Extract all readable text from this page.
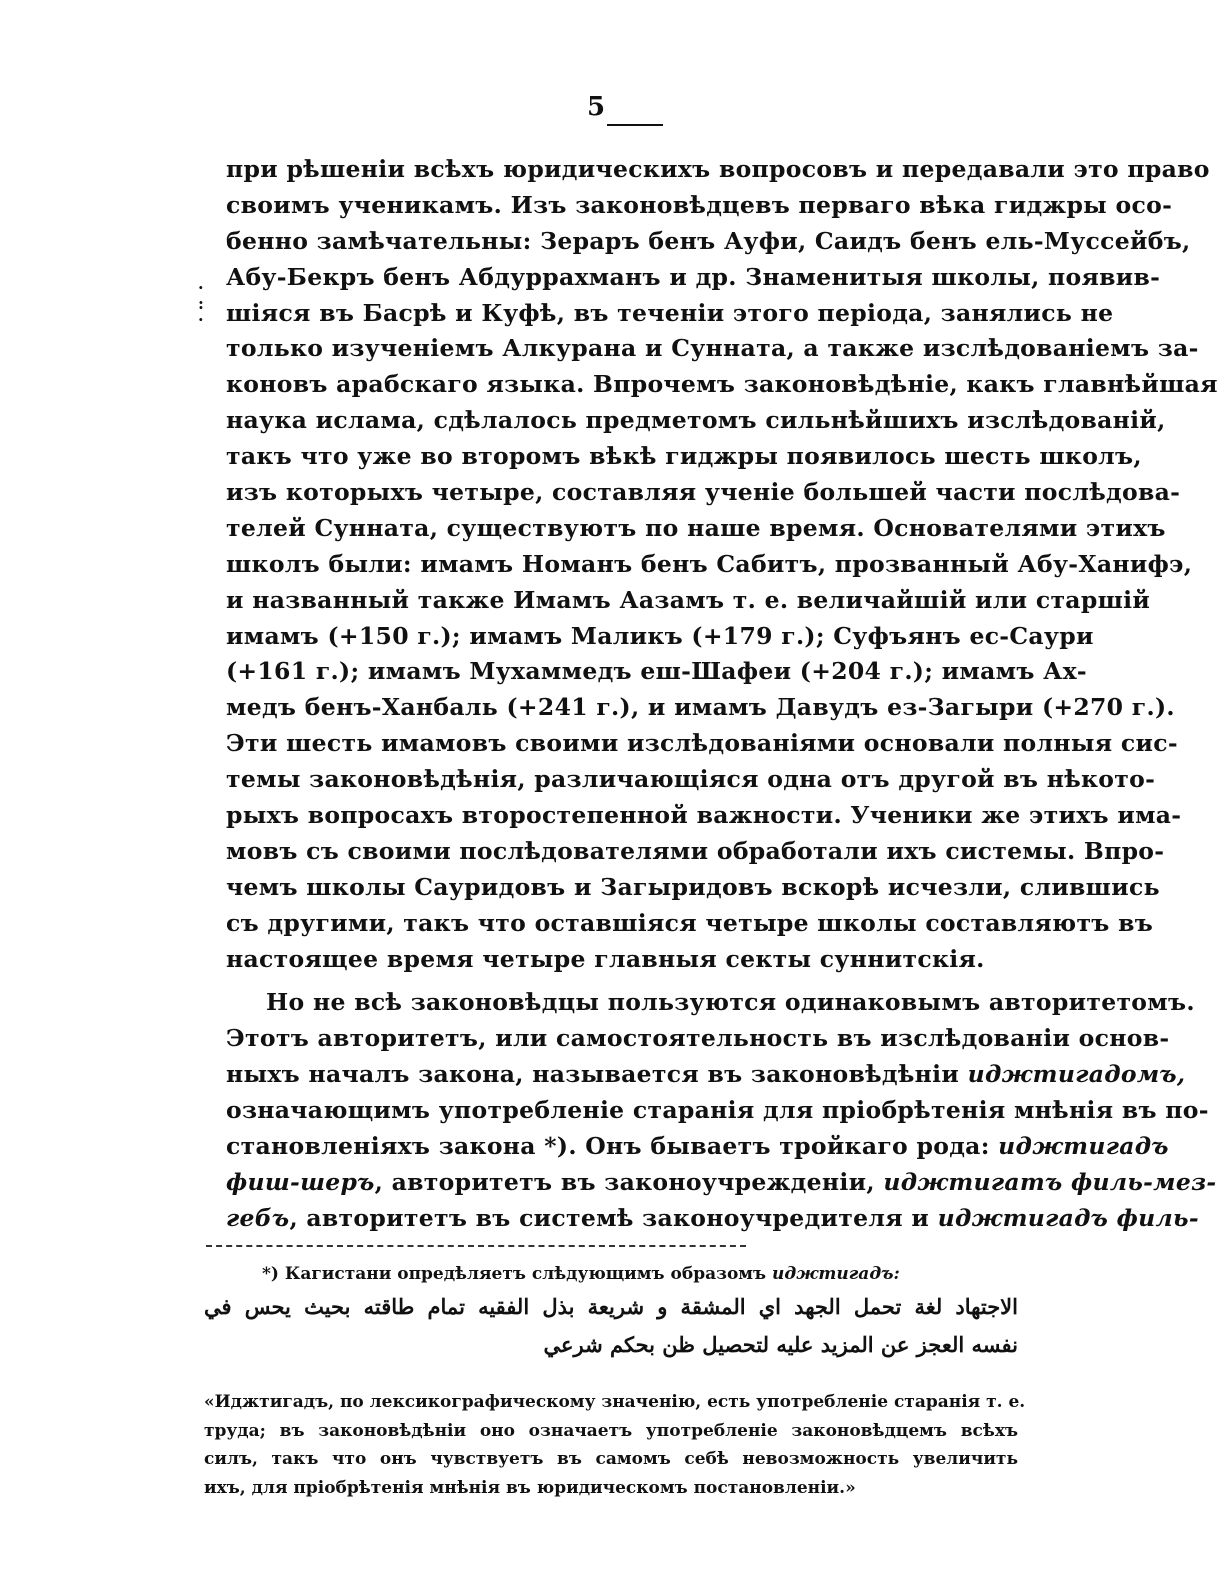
5
·
:
·
при рѣшеніи всѣхъ юридическихъ вопросовъ и передавали это право
своимъ ученикамъ. Изъ законовѣдцевъ перваго вѣка гиджры осо-
бенно замѣчательны: Зераръ бенъ Ауфи, Саидъ бенъ ель-Муссейбъ,
Абу-Бекръ бенъ Абдуррахманъ и др. Знаменитыя школы, появив-
шіяся въ Басрѣ и Куфѣ, въ теченіи этого періода, занялись не
только изученіемъ Алкурана и Сунната, а также изслѣдованіемъ за-
коновъ арабскаго языка. Впрочемъ законовѣдѣніе, какъ главнѣйшая
наука ислама, сдѣлалось предметомъ сильнѣйшихъ изслѣдованій,
такъ что уже во второмъ вѣкѣ гиджры появилось шесть школъ,
изъ которыхъ четыре, составляя ученіе большей части послѣдова-
телей Сунната, существуютъ по наше время. Основателями этихъ
школъ были: имамъ Номанъ бенъ Сабитъ, прозванный Абу-Ханифэ,
и названный также Имамъ Аазамъ т. е. величайшій или старшій
имамъ (+150 г.); имамъ Маликъ (+179 г.); Суфъянъ ес-Саури
(+161 г.); имамъ Мухаммедъ еш-Шафеи (+204 г.); имамъ Ах-
медъ бенъ-Ханбаль (+241 г.), и имамъ Давудъ ез-Загыри (+270 г.).
Эти шесть имамовъ своими изслѣдованіями основали полныя сис-
темы законовѣдѣнія, различающіяся одна отъ другой въ нѣкото-
рыхъ вопросахъ второстепенной важности. Ученики же этихъ има-
мовъ съ своими послѣдователями обработали ихъ системы. Впро-
чемъ школы Сауридовъ и Загыридовъ вскорѣ исчезли, слившись
съ другими, такъ что оставшіяся четыре школы составляютъ въ
настоящее время четыре главныя секты суннитскія.
Но не всѣ законовѣдцы пользуются одинаковымъ авторитетомъ.
Этотъ авторитетъ, или самостоятельность въ изслѣдованіи основ-
ныхъ началъ закона, называется въ законовѣдѣніи иджтигадомъ,
означающимъ употребленіе старанія для пріобрѣтенія мнѣнія въ по-
становленіяхъ закона *). Онъ бываетъ тройкаго рода: иджтигадъ
фиш-шеръ, авторитетъ въ законоучрежденіи, иджтигатъ филь-мез-
гебъ, авторитетъ въ системѣ законоучредителя и иджтигадъ филь-
*) Кагистани опредѣляетъ слѣдующимъ образомъ иджтигадъ:
الاجتهاد لغة تحمل الجهد اي المشقة و شريعة بذل الفقيه تمام طاقته بحيث يحس في
نفسه العجز عن المزيد عليه لتحصيل ظن بحكم شرعي
«Иджтигадъ, по лексикографическому значенію, есть употребленіе старанія т. е.
труда; въ законовѣдѣніи оно означаетъ употребленіе законовѣдцемъ всѣхъ
силъ, такъ что онъ чувствуетъ въ самомъ себѣ невозможность увеличить
ихъ, для пріобрѣтенія мнѣнія въ юридическомъ постановленіи.»
